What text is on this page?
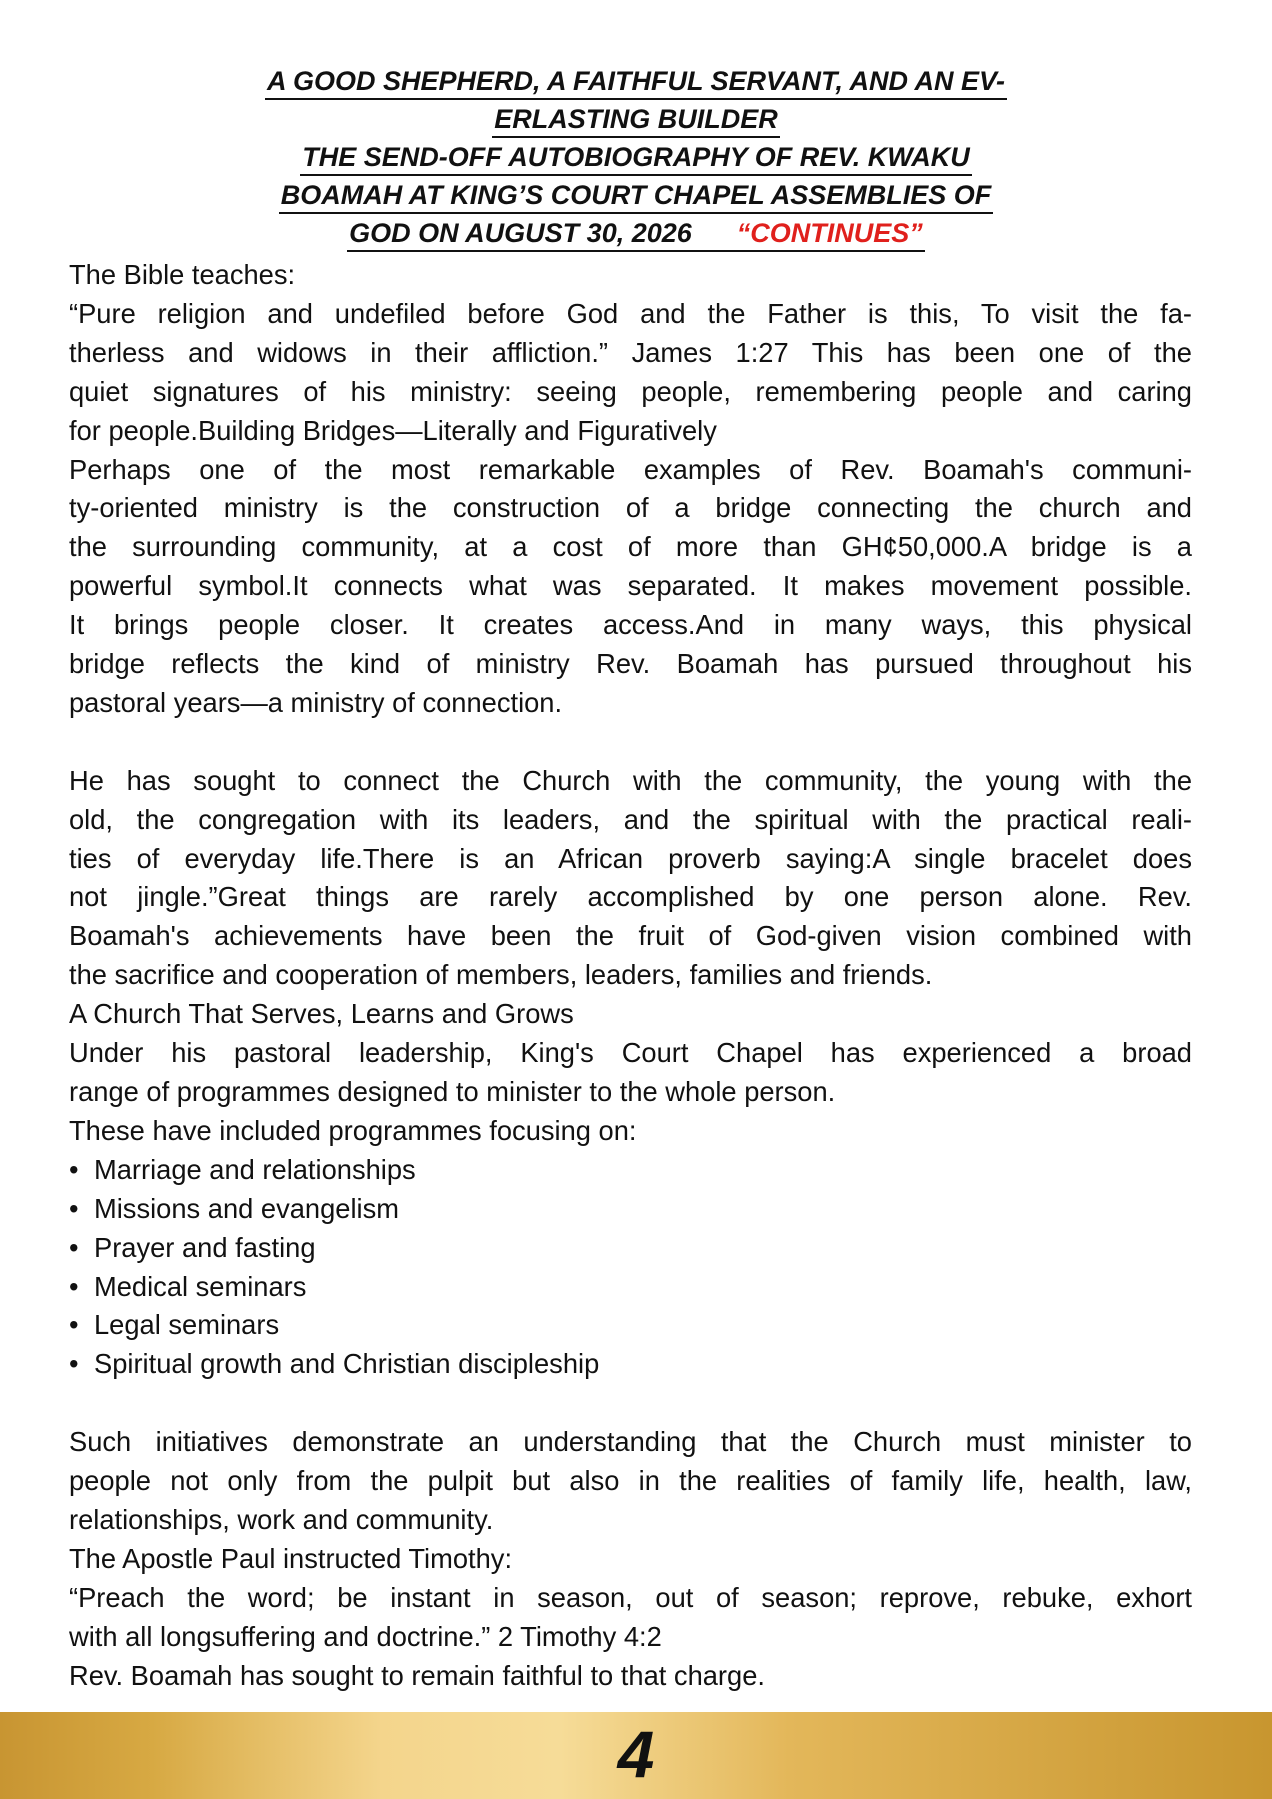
A GOOD SHEPHERD, A FAITHFUL SERVANT, AND AN EV-
ERLASTING BUILDER
THE SEND-OFF AUTOBIOGRAPHY OF REV. KWAKU
BOAMAH AT KING’S COURT CHAPEL ASSEMBLIES OF
GOD ON AUGUST 30, 2026 “CONTINUES”

The Bible teaches:

“Pure religion and undefiled before God and the Father is this, To visit the fa-

therless and widows in their affliction.” James 1:27 This has been one of the

quiet signatures of his ministry: seeing people, remembering people and caring

for people.Building Bridges—Literally and Figuratively

Perhaps one of the most remarkable examples of Rev. Boamah's communi-

ty-oriented ministry is the construction of a bridge connecting the church and

the surrounding community, at a cost of more than GH¢50,000.A bridge is a

powerful symbol.It connects what was separated. It makes movement possible.

It brings people closer. It creates access.And in many ways, this physical

bridge reflects the kind of ministry Rev. Boamah has pursued throughout his

pastoral years—a ministry of connection.

He has sought to connect the Church with the community, the young with the

old, the congregation with its leaders, and the spiritual with the practical reali-

ties of everyday life.There is an African proverb saying:A single bracelet does

not jingle.”Great things are rarely accomplished by one person alone. Rev.

Boamah's achievements have been the fruit of God-given vision combined with

the sacrifice and cooperation of members, leaders, families and friends.

A Church That Serves, Learns and Grows

Under his pastoral leadership, King's Court Chapel has experienced a broad

range of programmes designed to minister to the whole person.

These have included programmes focusing on:

• Marriage and relationships
• Missions and evangelism
• Prayer and fasting
• Medical seminars
• Legal seminars
• Spiritual growth and Christian discipleship

Such initiatives demonstrate an understanding that the Church must minister to

people not only from the pulpit but also in the realities of family life, health, law,

relationships, work and community.

The Apostle Paul instructed Timothy:

“Preach the word; be instant in season, out of season; reprove, rebuke, exhort

with all longsuffering and doctrine.” 2 Timothy 4:2

Rev. Boamah has sought to remain faithful to that charge.

4
